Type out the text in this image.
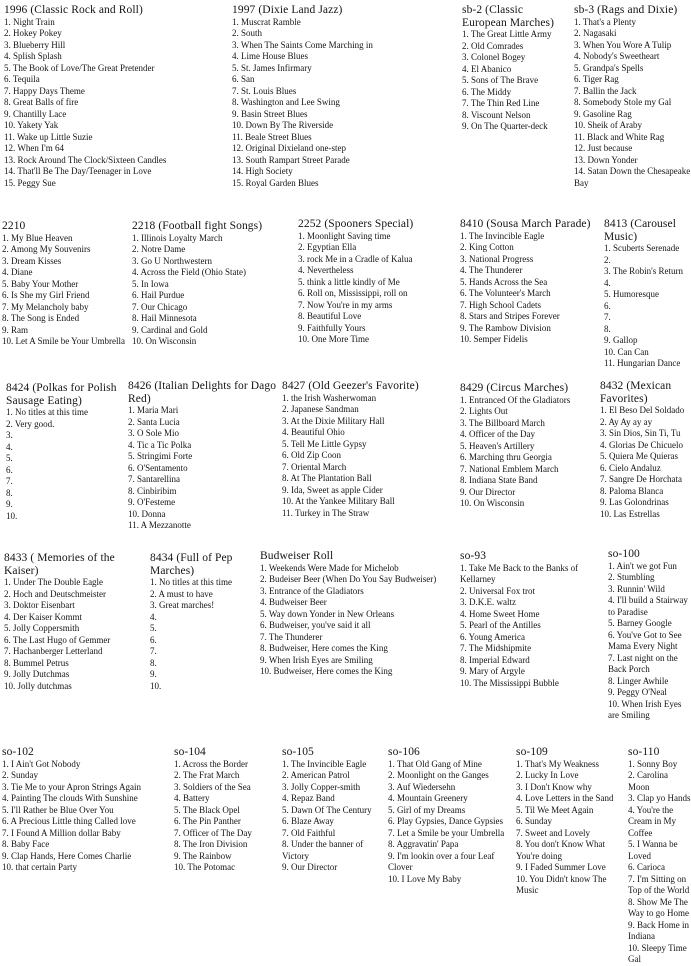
1996 (Classic Rock and Roll)
1. Night Train
2. Hokey Pokey
3. Blueberry Hill
4. Splish Splash
5. The Book of Love/The Great Pretender
6. Tequila
7. Happy Days Theme
8. Great Balls of fire
9. Chantilly Lace
10. Yakety Yak
11. Wake up Little Suzie
12. When I'm 64
13. Rock Around The Clock/Sixteen Candles
14. That'll Be The Day/Teenager in Love
15. Peggy Sue
1997 (Dixie Land Jazz)
1. Muscrat Ramble
2. South
3. When The Saints Come Marching in
4. Lime House Blues
5. St. James Infirmary
6. San
7. St. Louis Blues
8. Washington and Lee Swing
9. Basin Street Blues
10. Down By The Riverside
11. Beale Street Blues
12. Original Dixieland one-step
13. South Rampart Street Parade
14. High Society
15. Royal Garden Blues
sb-2 (Classic European Marches)
1. The Great Little Army
2. Old Comrades
3. Colonel Bogey
4. El Abanico
5. Sons of The Brave
6. The Middy
7. The Thin Red Line
8. Viscount Nelson
9. On The Quarter-deck
sb-3 (Rags and Dixie)
1. That's a Plenty
2. Nagasaki
3. When You Wore A Tulip
4. Nobody's Sweetheart
5. Grandpa's Spells
6. Tiger Rag
7. Ballin the Jack
8. Somebody Stole my Gal
9. Gasoline Rag
10. Sheik of Araby
11. Black and White Rag
12. Just because
13. Down Yonder
14. Satan Down the Chesapeake Bay
2210
1. My Blue Heaven
2. Among My Souvenirs
3. Dream Kisses
4. Diane
5. Baby Your Mother
6. Is She my Girl Friend
7. My Melancholy baby
8. The Song is Ended
9. Ram
10. Let A Smile be Your Umbrella
2218 (Football fight Songs)
1. Illinois Loyalty March
2. Notre Dame
3. Go U Northwestern
4. Across the Field (Ohio State)
5. In Iowa
6. Hail Purdue
7. Our Chicago
8. Hail Minnesota
9. Cardinal and Gold
10. On Wisconsin
2252 (Spooners Special)
1. Moonlight Saving time
2. Egyptian Ella
3. rock Me in a Cradle of Kalua
4. Nevertheless
5. think a little kindly of Me
6. Roll on, Mississippi, roll on
7. Now You're in my arms
8. Beautiful Love
9. Faithfully Yours
10. One More Time
8410 (Sousa March Parade)
1. The Invincible Eagle
2. King Cotton
3. National Progress
4. The Thunderer
5. Hands Across the Sea
6. The Volunteer's March
7. High School Cadets
8. Stars and Stripes Forever
9. The Rambow Division
10. Semper Fidelis
8413 (Carousel Music)
1. Scuberts Serenade
2.
3. The Robin's Return
4.
5. Humoresque
6.
7.
8.
9. Gallop
10. Can Can
11. Hungarian Dance
8424 (Polkas for Polish Sausage Eating)
1. No titles at this time
2. Very good.
3.
4.
5.
6.
7.
8.
9.
10.
8426 (Italian Delights for Dago Red)
1. Maria Mari
2. Santa Lucia
3. O Sole Mio
4. Tic a Tic Polka
5. Stringimi Forte
6. O'Sentamento
7. Santarellina
8. Cinbiribim
9. O'Festeme
10. Donna
11. A Mezzanotte
8427 (Old Geezer's Favorite)
1. the Irish Washerwoman
2. Japanese Sandman
3. At the Dixie Military Hall
4. Beautiful Ohio
5. Tell Me Little Gypsy
6. Old Zip Coon
7. Oriental March
8. At The Plantation Ball
9. Ida, Sweet as apple Cider
10. At the Yankee Military Ball
11. Turkey in The Straw
8429 (Circus Marches)
1. Entranced Of the Gladiators
2. Lights Out
3. The Billboard March
4. Officer of the Day
5. Heaven's Artillery
6. Marching thru Georgia
7. National Emblem March
8. Indiana State Band
9. Our Director
10. On Wisconsin
8432 (Mexican Favorites)
1. El Beso Del Soldado
2. Ay Ay ay ay
3. Sin Dios, Sin Ti, Tu
4. Glorias De Chicuelo
5. Quiera Me Quieras
6. Cielo Andaluz
7. Sangre De Horchata
8. Paloma Blanca
9. Las Golondrinas
10. Las Estrellas
8433 ( Memories of the Kaiser)
1. Under The Double Eagle
2. Hoch and Deutschmeister
3. Doktor Eisenbart
4. Der Kaiser Kommt
5. Jolly Coppersmith
6. The Last Hugo of Gemmer
7. Hachanberger Letterland
8. Bummel Petrus
9. Jolly Dutchmas
10. Jolly dutchmas
8434 (Full of Pep Marches)
1. No titles at this time
2. A must to have
3. Great marches!
4.
5.
6.
7.
8.
9.
10.
Budweiser Roll
1. Weekends Were Made for Michelob
2. Budeiser Beer (When Do You Say Budweiser)
3. Entrance of the Gladiators
4. Budweiser Beer
5. Way down Yonder in New Orleans
6. Budweiser, you've said it all
7. The Thunderer
8. Budweiser, Here comes the King
9. When Irish Eyes are Smiling
10. Budweiser, Here comes the King
so-93
1. Take Me Back to the Banks of Kellarney
2. Universal Fox trot
3. D.K.E. waltz
4. Home Sweet Home
5. Pearl of the Antilles
6. Young America
7. The Midshipmite
8. Imperial Edward
9. Mary of Argyle
10. The Mississippi Bubble
so-100
1. Ain't we got Fun
2. Stumbling
3. Runnin' Wild
4. I'll build a Stairway to Paradise
5. Barney Google
6. You've Got to See Mama Every Night
7. Last night on the Back Porch
8. Linger Awhile
9. Peggy O'Neal
10. When Irish Eyes are Smiling
so-102
1. I Ain't Got Nobody
2. Sunday
3. Tie Me to your Apron Strings Again
4. Painting The clouds With Sunshine
5. I'll Rather be Blue Over You
6. A Precious Little thing Called love
7. I Found A Million dollar Baby
8. Baby Face
9. Clap Hands, Here Comes Charlie
10. that certain Party
so-104
1. Across the Border
2. The Frat March
3. Soldiers of the Sea
4. Battery
5. The Black Opel
6. The Pin Panther
7. Officer of The Day
8. The Iron Division
9. The Rainbow
10. The Potomac
so-105
1. The Invincible Eagle
2. American Patrol
3. Jolly Copper-smith
4. Repaz Band
5. Dawn Of The Century
6. Blaze Away
7. Old Faithful
8. Under the banner of Victory
9. Our Director
so-106
1. That Old Gang of Mine
2. Moonlight on the Ganges
3. Auf Wiedersehn
4. Mountain Greenery
5. Girl of my Dreams
6. Play Gypsies, Dance Gypsies
7. Let a Smile be your Umbrella
8. Aggravatin' Papa
9. I'm lookin over a four Leaf Clover
10. I Love My Baby
so-109
1. That's My Weakness
2. Lucky In Love
3. I Don't Know why
4. Love Letters in the Sand
5. Til We Meet Again
6. Sunday
7. Sweet and Lovely
8. You don't Know What You're doing
9. I Faded Summer Love
10. You Didn't know The Music
so-110
1. Sonny Boy
2. Carolina Moon
3. Clap yo Hands
4. You're the Cream in My Coffee
5. I Wanna be Loved
6. Carioca
7. I'm Sitting on Top of the World
8. Show Me The Way to go Home
9. Back Home in Indiana
10. Sleepy Time Gal
